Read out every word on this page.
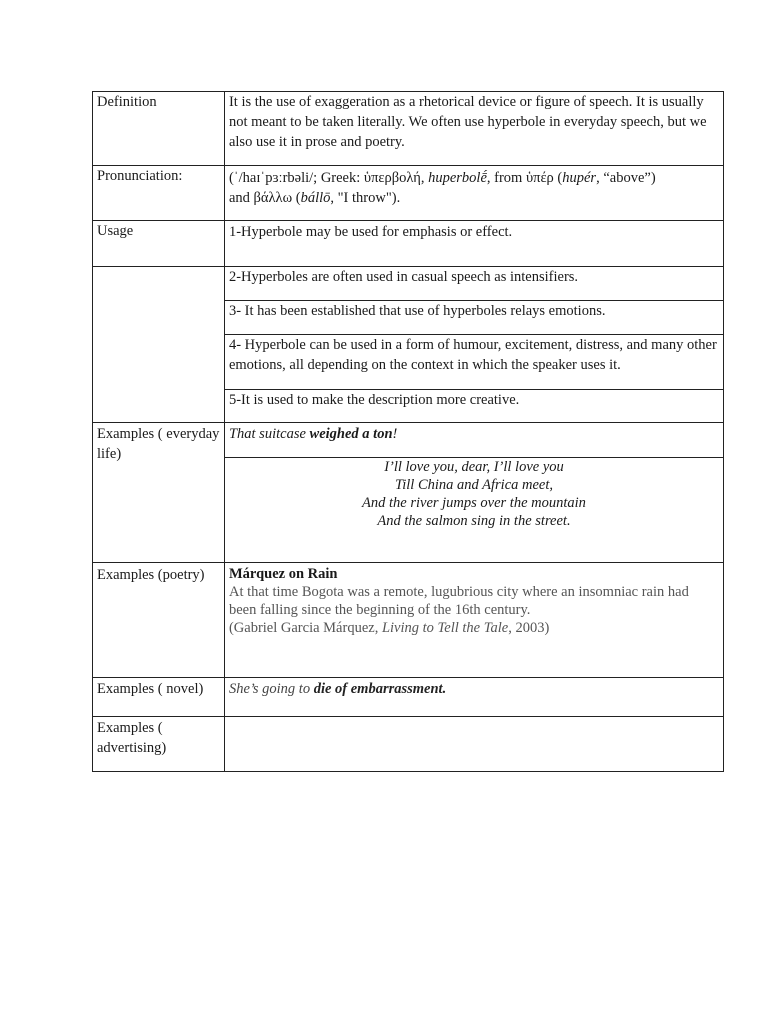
Definition	It is the use of exaggeration as a rhetorical device or figure of speech. It is usually not meant to be taken literally. We often use hyperbole in everyday speech, but we also use it in prose and poetry.
Pronunciation:	(ˈ/haɪˈpɜːrbəli/; Greek: ὑπερβολή, huperbolḗ, from ὑπέρ (hupér, “above”)
and βάλλω (bállō, "I throw").
Usage	1-Hyperbole may be used for emphasis or effect.
	2-Hyperboles are often used in casual speech as intensifiers.
	3- It has been established that use of hyperboles relays emotions.
	4- Hyperbole can be used in a form of humour, excitement, distress, and many other emotions, all depending on the context in which the speaker uses it.
	5-It is used to make the description more creative.
Examples ( everyday life)	That suitcase weighed a ton!

	I’ll love you, dear, I’ll love you
Till China and Africa meet,
And the river jumps over the mountain
And the salmon sing in the street.

Examples (poetry)	Márquez on Rain
At that time Bogota was a remote, lugubrious city where an insomniac rain had been falling since the beginning of the 16th century.
(Gabriel Garcia Márquez, Living to Tell the Tale, 2003)

Examples ( novel)	She’s going to die of embarrassment.
Examples ( advertising)	
